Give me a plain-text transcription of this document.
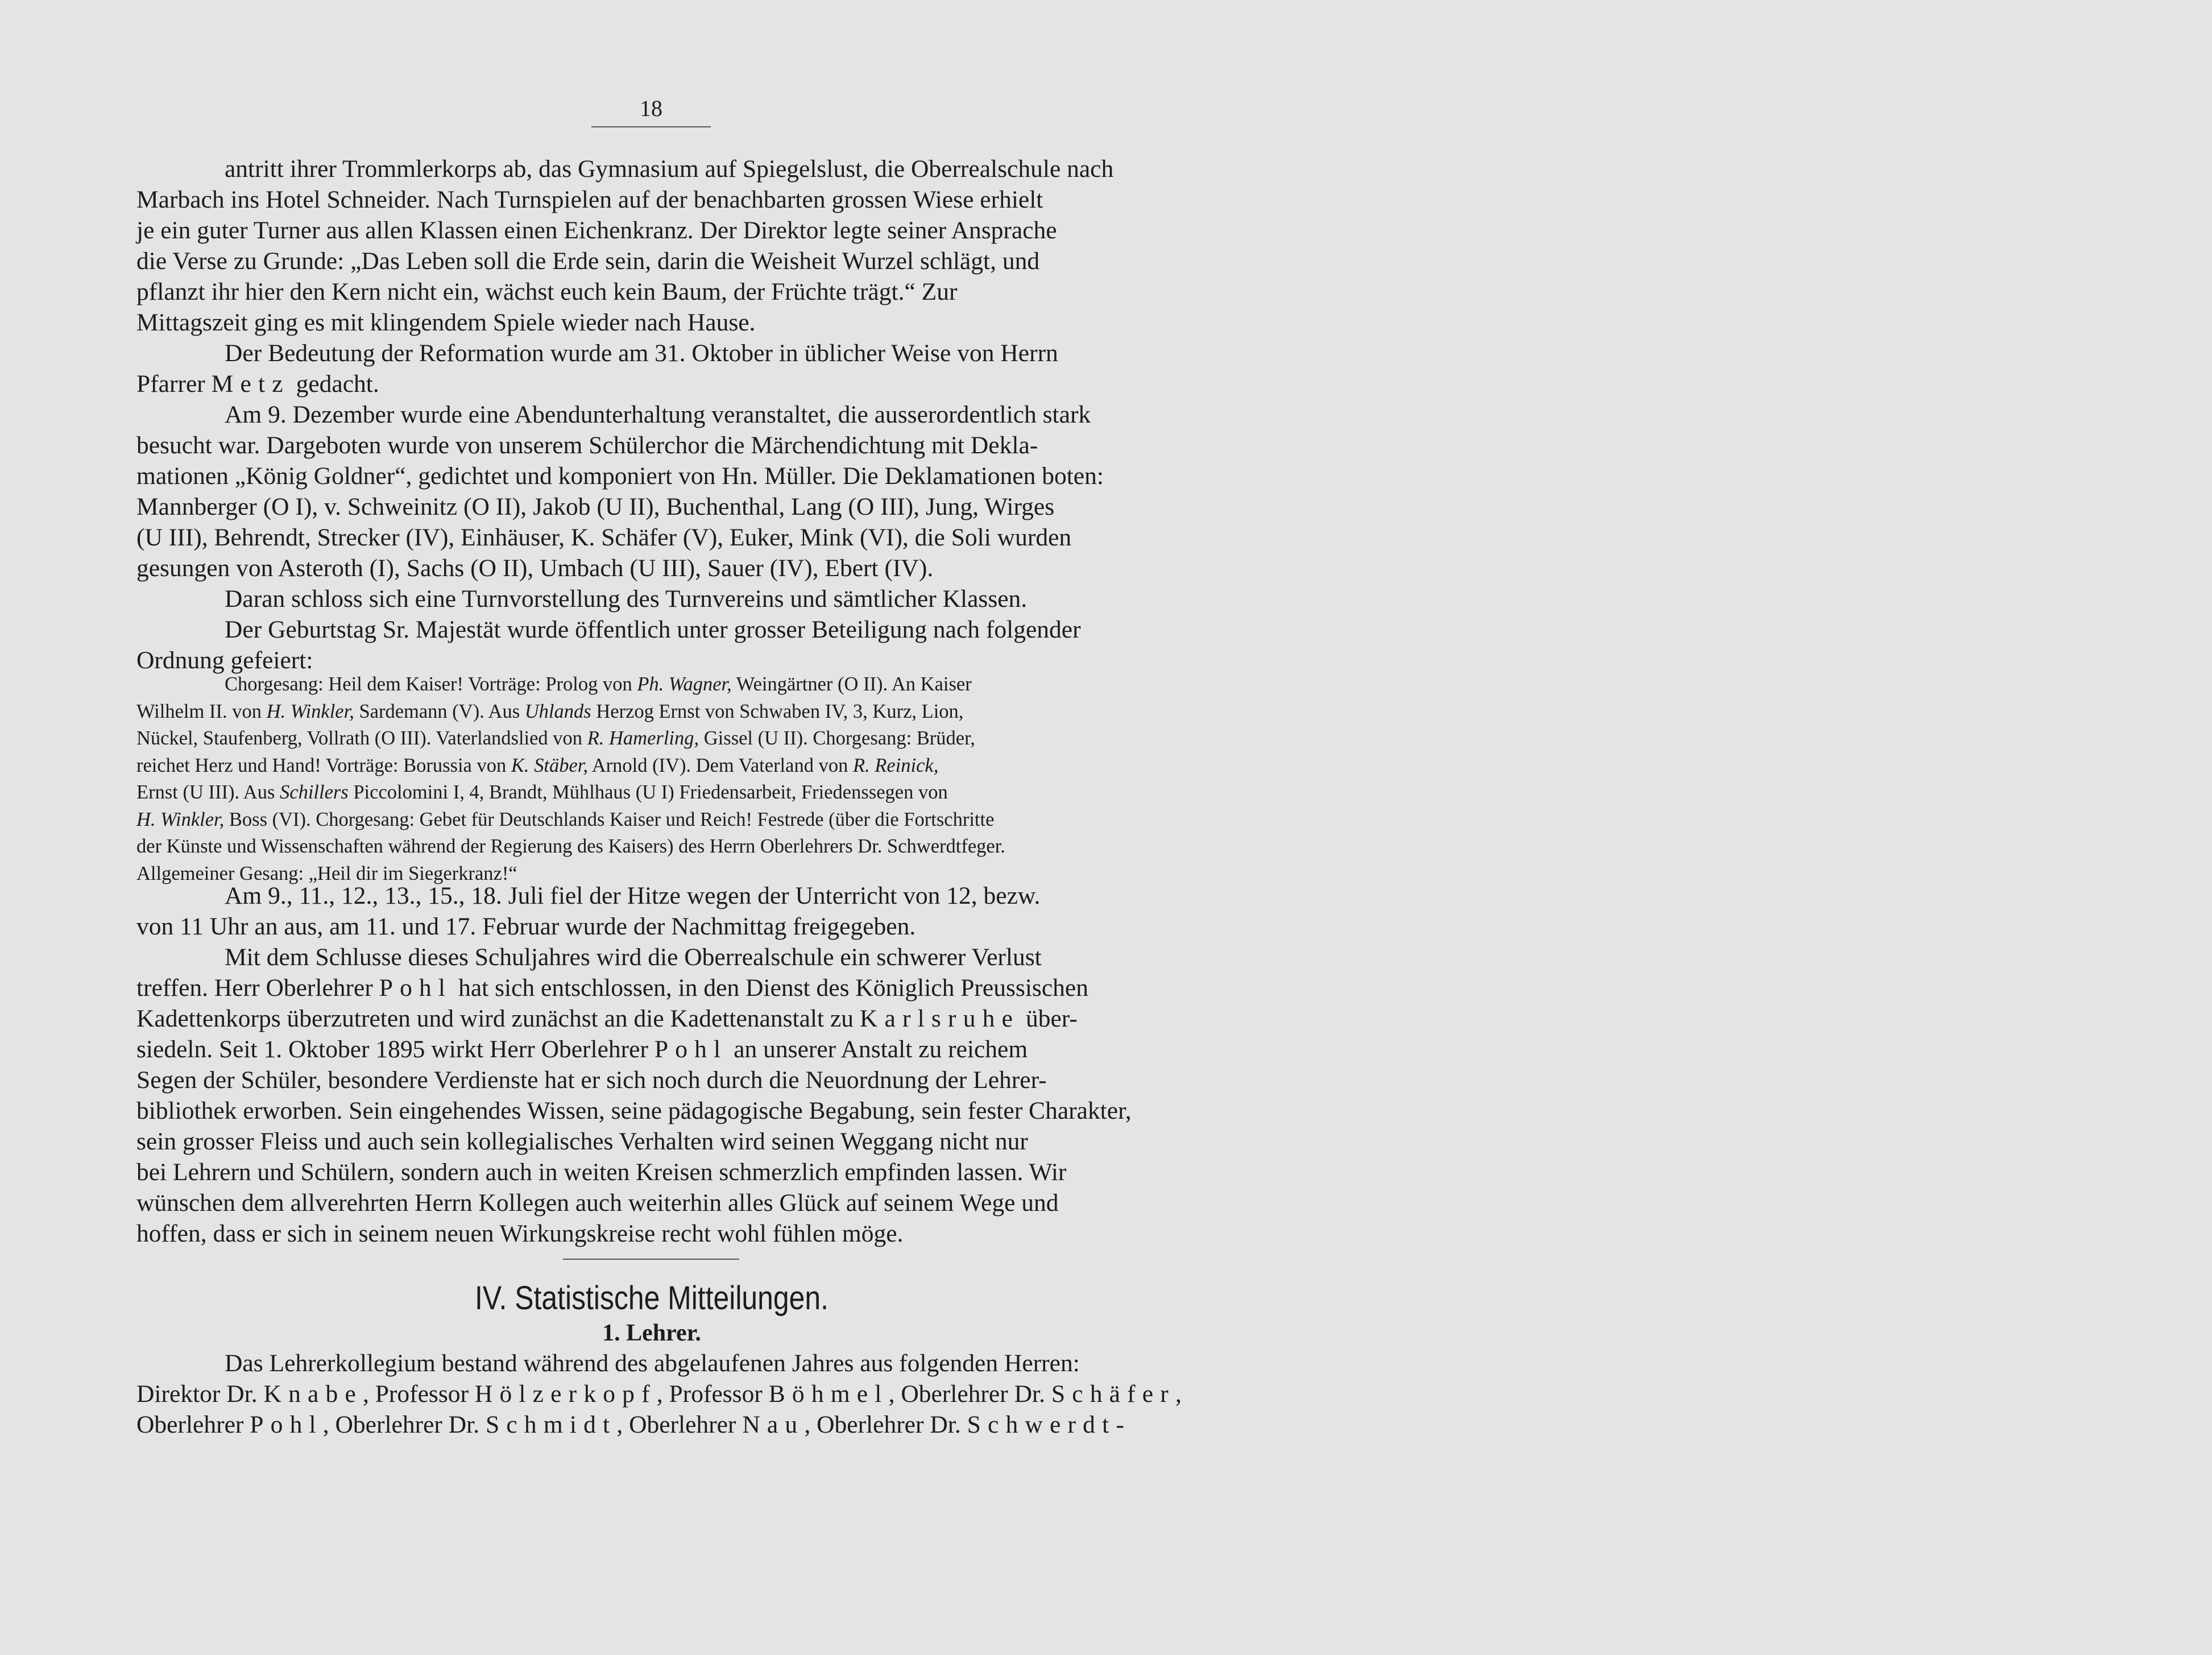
18
antritt ihrer Trommlerkorps ab, das Gymnasium auf Spiegelslust, die Oberrealschule nach
Marbach ins Hotel Schneider. Nach Turnspielen auf der benachbarten grossen Wiese erhielt
je ein guter Turner aus allen Klassen einen Eichenkranz. Der Direktor legte seiner Ansprache
die Verse zu Grunde: „Das Leben soll die Erde sein, darin die Weisheit Wurzel schlägt, und
pflanzt ihr hier den Kern nicht ein, wächst euch kein Baum, der Früchte trägt.“ Zur
Mittagszeit ging es mit klingendem Spiele wieder nach Hause.
Der Bedeutung der Reformation wurde am 31. Oktober in üblicher Weise von Herrn
Pfarrer Metz gedacht.
Am 9. Dezember wurde eine Abendunterhaltung veranstaltet, die ausserordentlich stark
besucht war. Dargeboten wurde von unserem Schülerchor die Märchendichtung mit Dekla-
mationen „König Goldner“, gedichtet und komponiert von Hn. Müller. Die Deklamationen boten:
Mannberger (O I), v. Schweinitz (O II), Jakob (U II), Buchenthal, Lang (O III), Jung, Wirges
(U III), Behrendt, Strecker (IV), Einhäuser, K. Schäfer (V), Euker, Mink (VI), die Soli wurden
gesungen von Asteroth (I), Sachs (O II), Umbach (U III), Sauer (IV), Ebert (IV).
Daran schloss sich eine Turnvorstellung des Turnvereins und sämtlicher Klassen.
Der Geburtstag Sr. Majestät wurde öffentlich unter grosser Beteiligung nach folgender
Ordnung gefeiert:
Chorgesang: Heil dem Kaiser! Vorträge: Prolog von Ph. Wagner, Weingärtner (O II). An Kaiser
Wilhelm II. von H. Winkler, Sardemann (V). Aus Uhlands Herzog Ernst von Schwaben IV, 3, Kurz, Lion,
Nückel, Staufenberg, Vollrath (O III). Vaterlandslied von R. Hamerling, Gissel (U II). Chorgesang: Brüder,
reichet Herz und Hand! Vorträge: Borussia von K. Stäber, Arnold (IV). Dem Vaterland von R. Reinick,
Ernst (U III). Aus Schillers Piccolomini I, 4, Brandt, Mühlhaus (U I) Friedensarbeit, Friedenssegen von
H. Winkler, Boss (VI). Chorgesang: Gebet für Deutschlands Kaiser und Reich! Festrede (über die Fortschritte
der Künste und Wissenschaften während der Regierung des Kaisers) des Herrn Oberlehrers Dr. Schwerdtfeger.
Allgemeiner Gesang: „Heil dir im Siegerkranz!“
Am 9., 11., 12., 13., 15., 18. Juli fiel der Hitze wegen der Unterricht von 12, bezw.
von 11 Uhr an aus, am 11. und 17. Februar wurde der Nachmittag freigegeben.
Mit dem Schlusse dieses Schuljahres wird die Oberrealschule ein schwerer Verlust
treffen. Herr Oberlehrer Pohl hat sich entschlossen, in den Dienst des Königlich Preussischen
Kadettenkorps überzutreten und wird zunächst an die Kadettenanstalt zu Karlsruhe über-
siedeln. Seit 1. Oktober 1895 wirkt Herr Oberlehrer Pohl an unserer Anstalt zu reichem
Segen der Schüler, besondere Verdienste hat er sich noch durch die Neuordnung der Lehrer-
bibliothek erworben. Sein eingehendes Wissen, seine pädagogische Begabung, sein fester Charakter,
sein grosser Fleiss und auch sein kollegialisches Verhalten wird seinen Weggang nicht nur
bei Lehrern und Schülern, sondern auch in weiten Kreisen schmerzlich empfinden lassen. Wir
wünschen dem allverehrten Herrn Kollegen auch weiterhin alles Glück auf seinem Wege und
hoffen, dass er sich in seinem neuen Wirkungskreise recht wohl fühlen möge.
IV. Statistische Mitteilungen.
1. Lehrer.
Das Lehrerkollegium bestand während des abgelaufenen Jahres aus folgenden Herren:
Direktor Dr. Knabe, Professor Hölzerkopf, Professor Böhmel, Oberlehrer Dr. Schäfer,
Oberlehrer Pohl, Oberlehrer Dr. Schmidt, Oberlehrer Nau, Oberlehrer Dr. Schwerdt-
